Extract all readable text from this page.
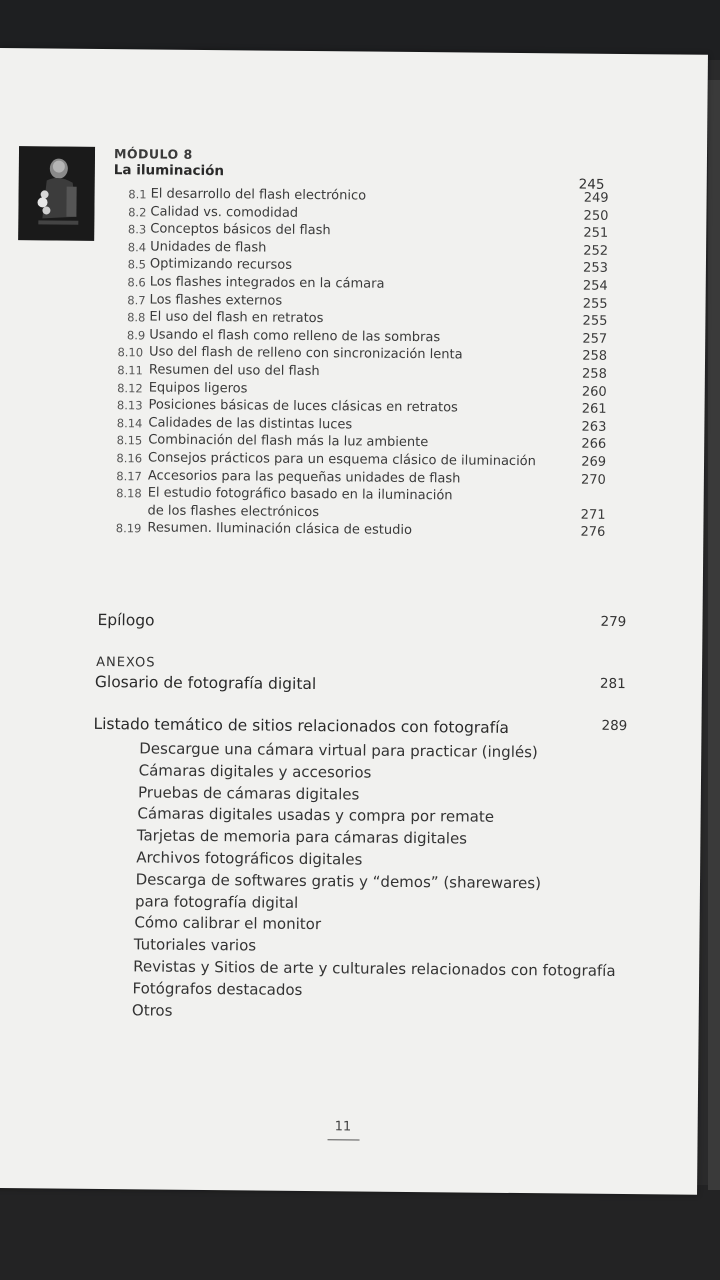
MÓDULO 8
La iluminación
245
8.1 El desarrollo del flash electrónico	249
8.2 Calidad vs. comodidad	250
8.3 Conceptos básicos del flash	251
8.4 Unidades de flash	252
8.5 Optimizando recursos	253
8.6 Los flashes integrados en la cámara	254
8.7 Los flashes externos	255
8.8 El uso del flash en retratos	255
8.9 Usando el flash como relleno de las sombras	257
8.10 Uso del flash de relleno con sincronización lenta	258
8.11 Resumen del uso del flash	258
8.12 Equipos ligeros	260
8.13 Posiciones básicas de luces clásicas en retratos	261
8.14 Calidades de las distintas luces	263
8.15 Combinación del flash más la luz ambiente	266
8.16 Consejos prácticos para un esquema clásico de iluminación	269
8.17 Accesorios para las pequeñas unidades de flash	270
8.18 El estudio fotográfico basado en la iluminación
de los flashes electrónicos	271
8.19 Resumen. Iluminación clásica de estudio	276
Epílogo	279
ANEXOS
Glosario de fotografía digital	281
Listado temático de sitios relacionados con fotografía	289
Descargue una cámara virtual para practicar (inglés)
Cámaras digitales y accesorios
Pruebas de cámaras digitales
Cámaras digitales usadas y compra por remate
Tarjetas de memoria para cámaras digitales
Archivos fotográficos digitales
Descarga de softwares gratis y “demos” (sharewares)
para fotografía digital
Cómo calibrar el monitor
Tutoriales varios
Revistas y Sitios de arte y culturales relacionados con fotografía
Fotógrafos destacados
Otros
11
